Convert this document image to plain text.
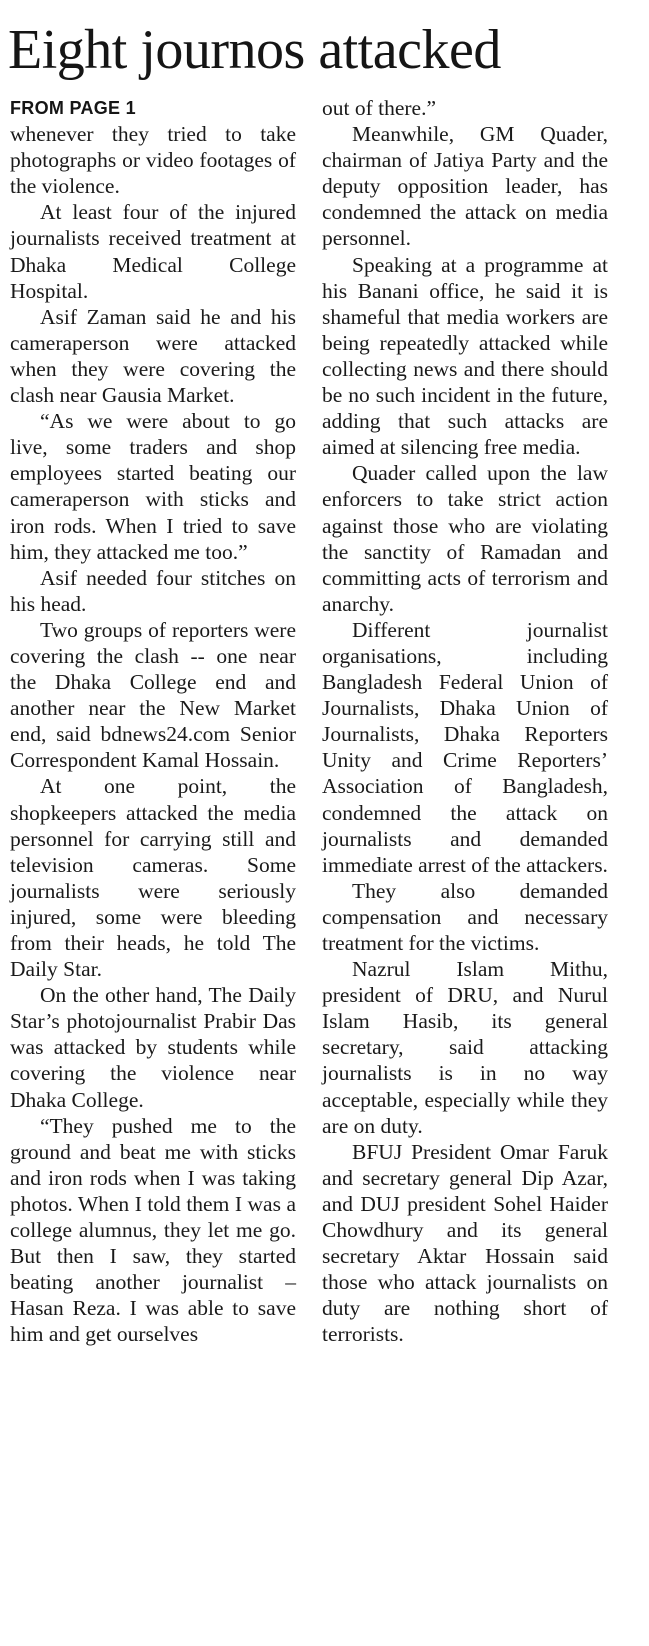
Eight journos attacked
FROM PAGE 1

whenever they tried to take photographs or video footages of the violence.

At least four of the injured journalists received treatment at Dhaka Medical College Hospital.

Asif Zaman said he and his cameraperson were attacked when they were covering the clash near Gausia Market.

“As we were about to go live, some traders and shop employees started beating our cameraperson with sticks and iron rods. When I tried to save him, they attacked me too.”

Asif needed four stitches on his head.

Two groups of reporters were covering the clash -- one near the Dhaka College end and another near the New Market end, said bdnews24.com Senior Correspondent Kamal Hossain.

At one point, the shopkeepers attacked the media personnel for carrying still and television cameras. Some journalists were seriously injured, some were bleeding from their heads, he told The Daily Star.

On the other hand, The Daily Star’s photojournalist Prabir Das was attacked by students while covering the violence near Dhaka College.

“They pushed me to the ground and beat me with sticks and iron rods when I was taking photos. When I told them I was a college alumnus, they let me go. But then I saw, they started beating another journalist – Hasan Reza. I was able to save him and get ourselves

out of there.”

Meanwhile, GM Quader, chairman of Jatiya Party and the deputy opposition leader, has condemned the attack on media personnel.

Speaking at a programme at his Banani office, he said it is shameful that media workers are being repeatedly attacked while collecting news and there should be no such incident in the future, adding that such attacks are aimed at silencing free media.

Quader called upon the law enforcers to take strict action against those who are violating the sanctity of Ramadan and committing acts of terrorism and anarchy.

Different journalist organisations, including Bangladesh Federal Union of Journalists, Dhaka Union of Journalists, Dhaka Reporters Unity and Crime Reporters’ Association of Bangladesh, condemned the attack on journalists and demanded immediate arrest of the attackers.

They also demanded compensation and necessary treatment for the victims.

Nazrul Islam Mithu, president of DRU, and Nurul Islam Hasib, its general secretary, said attacking journalists is in no way acceptable, especially while they are on duty.

BFUJ President Omar Faruk and secretary general Dip Azar, and DUJ president Sohel Haider Chowdhury and its general secretary Aktar Hossain said those who attack journalists on duty are nothing short of terrorists.
